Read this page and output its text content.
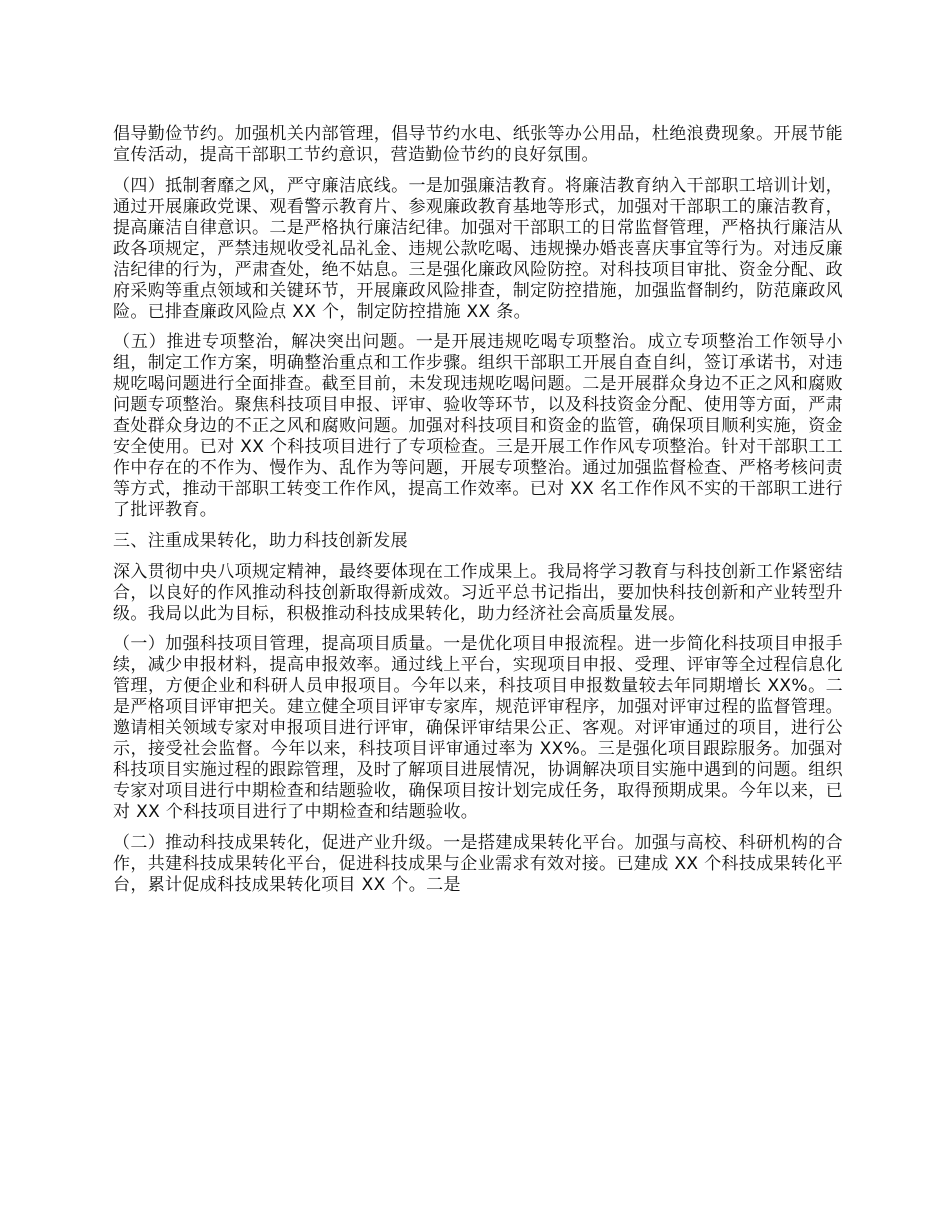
倡导勤俭节约。加强机关内部管理，倡导节约水电、纸张等办公用品，杜绝浪费现象。开展节能宣传活动，提高干部职工节约意识，营造勤俭节约的良好氛围。

（四）抵制奢靡之风，严守廉洁底线。一是加强廉洁教育。将廉洁教育纳入干部职工培训计划，通过开展廉政党课、观看警示教育片、参观廉政教育基地等形式，加强对干部职工的廉洁教育，提高廉洁自律意识。二是严格执行廉洁纪律。加强对干部职工的日常监督管理，严格执行廉洁从政各项规定，严禁违规收受礼品礼金、违规公款吃喝、违规操办婚丧喜庆事宜等行为。对违反廉洁纪律的行为，严肃查处，绝不姑息。三是强化廉政风险防控。对科技项目审批、资金分配、政府采购等重点领域和关键环节，开展廉政风险排查，制定防控措施，加强监督制约，防范廉政风险。已排查廉政风险点 XX 个，制定防控措施 XX 条。

（五）推进专项整治，解决突出问题。一是开展违规吃喝专项整治。成立专项整治工作领导小组，制定工作方案，明确整治重点和工作步骤。组织干部职工开展自查自纠，签订承诺书，对违规吃喝问题进行全面排查。截至目前，未发现违规吃喝问题。二是开展群众身边不正之风和腐败问题专项整治。聚焦科技项目申报、评审、验收等环节，以及科技资金分配、使用等方面，严肃查处群众身边的不正之风和腐败问题。加强对科技项目和资金的监管，确保项目顺利实施，资金安全使用。已对 XX 个科技项目进行了专项检查。三是开展工作作风专项整治。针对干部职工工作中存在的不作为、慢作为、乱作为等问题，开展专项整治。通过加强监督检查、严格考核问责等方式，推动干部职工转变工作作风，提高工作效率。已对 XX 名工作作风不实的干部职工进行了批评教育。

三、注重成果转化，助力科技创新发展

深入贯彻中央八项规定精神，最终要体现在工作成果上。我局将学习教育与科技创新工作紧密结合，以良好的作风推动科技创新取得新成效。习近平总书记指出，要加快科技创新和产业转型升级。我局以此为目标，积极推动科技成果转化，助力经济社会高质量发展。

（一）加强科技项目管理，提高项目质量。一是优化项目申报流程。进一步简化科技项目申报手续，减少申报材料，提高申报效率。通过线上平台，实现项目申报、受理、评审等全过程信息化管理，方便企业和科研人员申报项目。今年以来，科技项目申报数量较去年同期增长 XX%。二是严格项目评审把关。建立健全项目评审专家库，规范评审程序，加强对评审过程的监督管理。邀请相关领域专家对申报项目进行评审，确保评审结果公正、客观。对评审通过的项目，进行公示，接受社会监督。今年以来，科技项目评审通过率为 XX%。三是强化项目跟踪服务。加强对科技项目实施过程的跟踪管理，及时了解项目进展情况，协调解决项目实施中遇到的问题。组织专家对项目进行中期检查和结题验收，确保项目按计划完成任务，取得预期成果。今年以来，已对 XX 个科技项目进行了中期检查和结题验收。

（二）推动科技成果转化，促进产业升级。一是搭建成果转化平台。加强与高校、科研机构的合作，共建科技成果转化平台，促进科技成果与企业需求有效对接。已建成 XX 个科技成果转化平台，累计促成科技成果转化项目 XX 个。二是
